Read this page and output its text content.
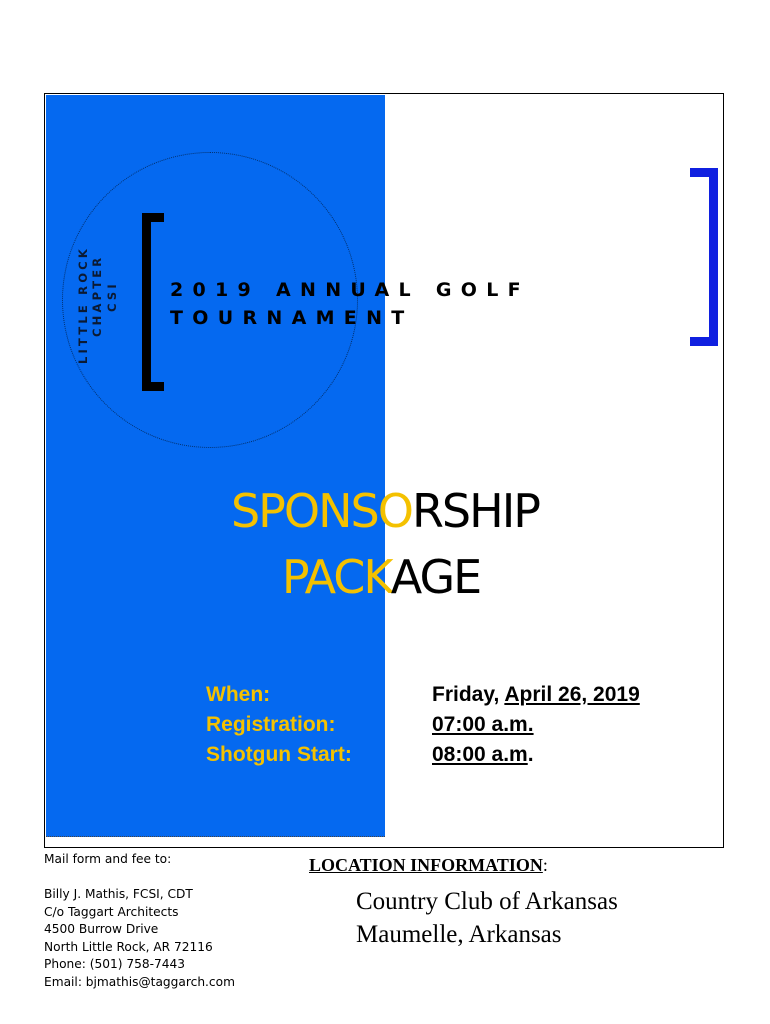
LITTLE ROCK CHAPTER CSI	2019 ANNUAL GOLF
TOURNAMENT
SPONSORSHIP
PACKAGE
When:
Registration:
Shotgun Start:
Friday, April 26, 2019
07:00 a.m.
08:00 a.m.
Mail form and fee to:
Billy J. Mathis, FCSI, CDT
C/o Taggart Architects
4500 Burrow Drive
North Little Rock, AR 72116
Phone: (501) 758-7443
Email: bjmathis@taggarch.com
LOCATION INFORMATION:
Country Club of Arkansas
Maumelle, Arkansas
